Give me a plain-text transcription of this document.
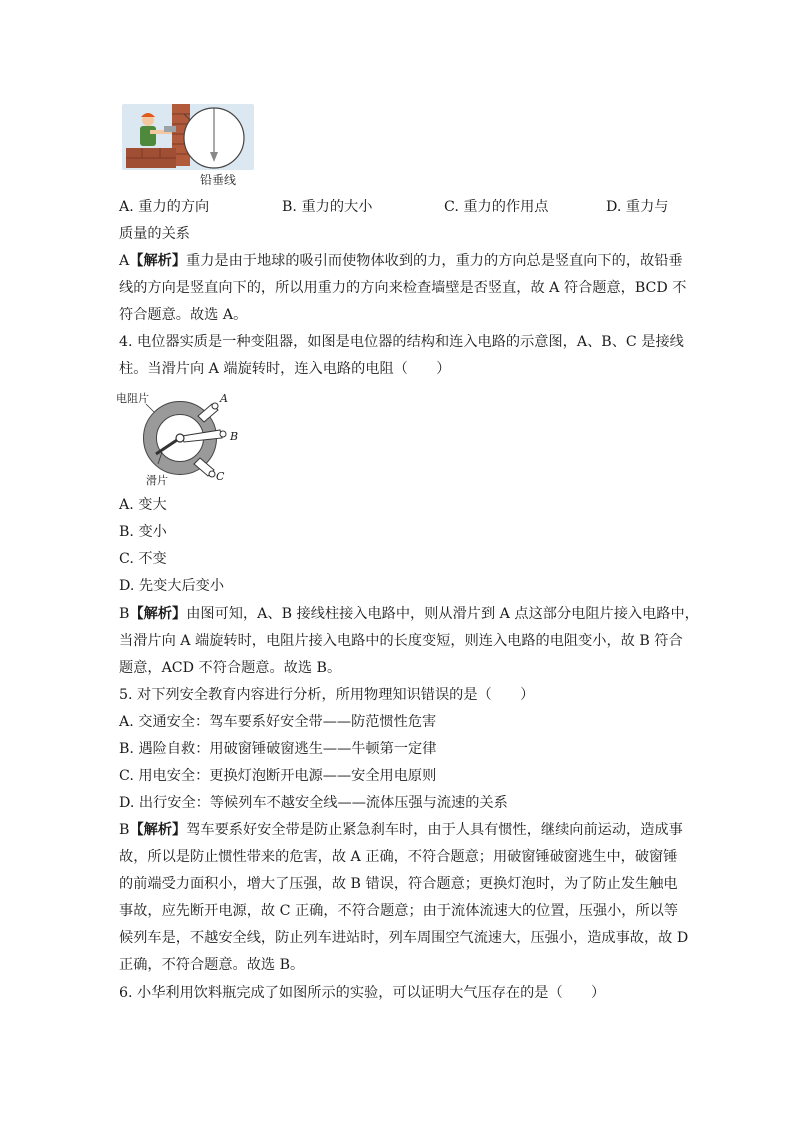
铅垂线
A. 重力的方向	B. 重力的大小	C. 重力的作用点	D. 重力与
质量的关系
A【解析】重力是由于地球的吸引而使物体收到的力，重力的方向总是竖直向下的，故铅垂
线的方向是竖直向下的，所以用重力的方向来检查墙壁是否竖直，故 A 符合题意，BCD 不
符合题意。故选 A。
4. 电位器实质是一种变阻器，如图是电位器的结构和连入电路的示意图，A、B、C 是接线
柱。当滑片向 A 端旋转时，连入电路的电阻（　　）
电阻片
滑片
A
B
C
A. 变大
B. 变小
C. 不变
D. 先变大后变小
B【解析】由图可知，A、B 接线柱接入电路中，则从滑片到 A 点这部分电阻片接入电路中，
当滑片向 A 端旋转时，电阻片接入电路中的长度变短，则连入电路的电阻变小，故 B 符合
题意，ACD 不符合题意。故选 B。
5. 对下列安全教育内容进行分析，所用物理知识错误的是（　　）
A. 交通安全：驾车要系好安全带——防范惯性危害
B. 遇险自救：用破窗锤破窗逃生——牛顿第一定律
C. 用电安全：更换灯泡断开电源——安全用电原则
D. 出行安全：等候列车不越安全线——流体压强与流速的关系
B【解析】驾车要系好安全带是防止紧急刹车时，由于人具有惯性，继续向前运动，造成事
故，所以是防止惯性带来的危害，故 A 正确，不符合题意；用破窗锤破窗逃生中，破窗锤
的前端受力面积小，增大了压强，故 B 错误，符合题意；更换灯泡时，为了防止发生触电
事故，应先断开电源，故 C 正确，不符合题意；由于流体流速大的位置，压强小，所以等
候列车是，不越安全线，防止列车进站时，列车周围空气流速大，压强小，造成事故，故 D
正确，不符合题意。故选 B。
6. 小华利用饮料瓶完成了如图所示的实验，可以证明大气压存在的是（　　）
